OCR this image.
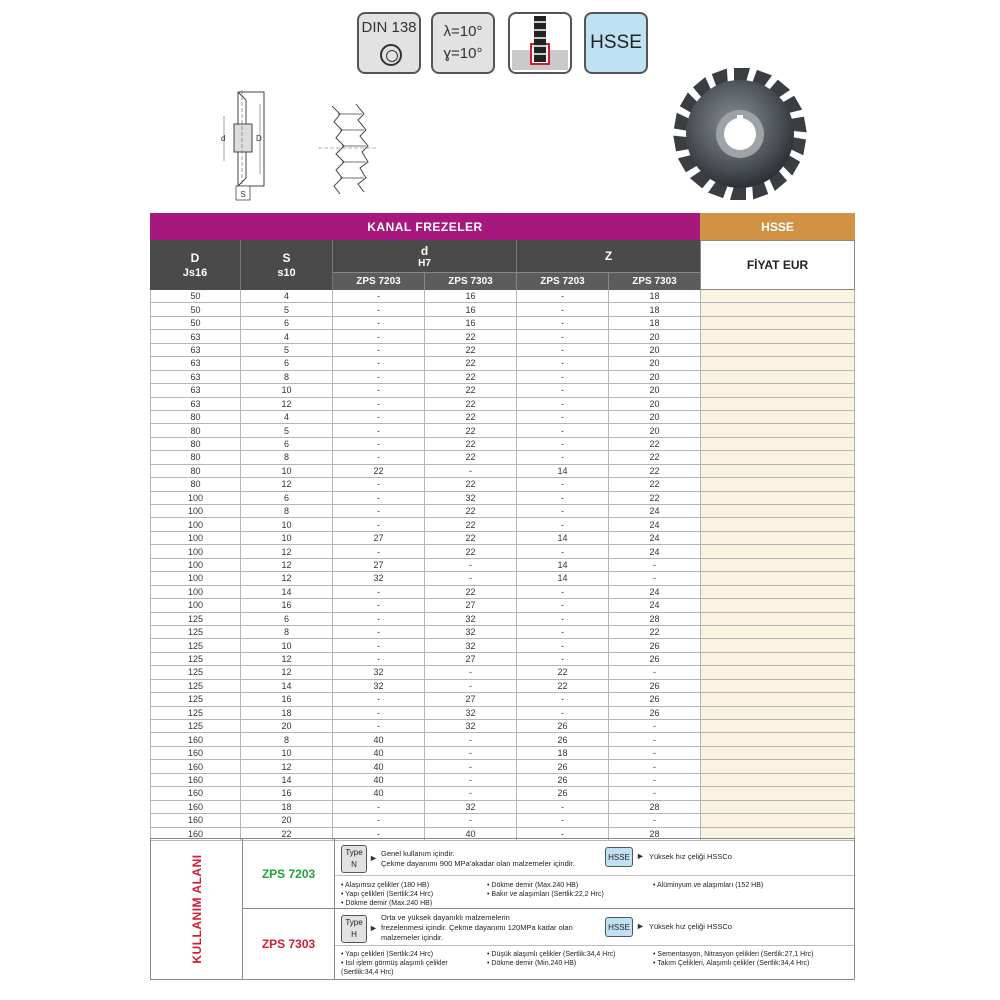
DIN 138	λ=10°
ɣ=10°
HSSE
S
d	D
KANAL FREZELER	HSSE
D
Js16
S
s10
d
H7	Z
ZPS 7203	ZPS 7303	ZPS 7203	ZPS 7303
FİYAT EUR
50	4	-	16	-	18
50	5	-	16	-	18
50	6	-	16	-	18
63	4	-	22	-	20
63	5	-	22	-	20
63	6	-	22	-	20
63	8	-	22	-	20
63	10	-	22	-	20
63	12	-	22	-	20
80	4	-	22	-	20
80	5	-	22	-	20
80	6	-	22	-	22
80	8	-	22	-	22
80	10	22	-	14	22
80	12	-	22	-	22
100	6	-	32	-	22
100	8	-	22	-	24
100	10	-	22	-	24
100	10	27	22	14	24
100	12	-	22	-	24
100	12	27	-	14	-
100	12	32	-	14	-
100	14	-	22	-	24
100	16	-	27	-	24
125	6	-	32	-	28
125	8	-	32	-	22
125	10	-	32	-	26
125	12	-	27	-	26
125	12	32	-	22	-
125	14	32	-	22	26
125	16	-	27	-	26
125	18	-	32	-	26
125	20	-	32	26	-
160	8	40	-	26	-
160	10	40	-	18	-
160	12	40	-	26	-
160	14	40	-	26	-
160	16	40	-	26	-
160	18	-	32	-	28
160	20	-	-	-	-
160	22	-	40	-	28
KULLANIM ALANI	ZPS 7203
ZPS 7303
Type
N
► Genel kullanım içindir.
Çekme dayanımı 900 MPa'akadar olan malzemeler içindir.
HSSE ► Yüksek hız çeliği HSSCo
• Alaşımsız çelikler (180 HB)
• Yapı çelikleri (Sertlik:24 Hrc)
• Dökme demir (Max.240 HB)
• Dökme demir (Max.240 HB)
• Bakır ve alaşımları (Sertlik:22,2 Hrc)
• Alüminyum ve alaşımları (152 HB)
Type
H
►
Orta ve yüksek dayanıklı malzemelerin
frezelenmesi içindir. Çekme dayanımı 120MPa kadar olan
malzemeler içindir.
HSSE ► Yüksek hız çeliği HSSCo
• Yapı çelikleri (Sertlik:24 Hrc)
• Isıl işlem görmüş alaşımlı çelikler
(Sertlik:34,4 Hrc)
• Düşük alaşımlı çelikler (Sertlik:34,4 Hrc)
• Dökme demir (Min.240 HB)
• Sementasyon, Nitrasyon çelikleri (Sertlik:27,1 Hrc)
• Takım Çelikleri, Alaşımlı çelikler (Sertlik:34,4 Hrc)
